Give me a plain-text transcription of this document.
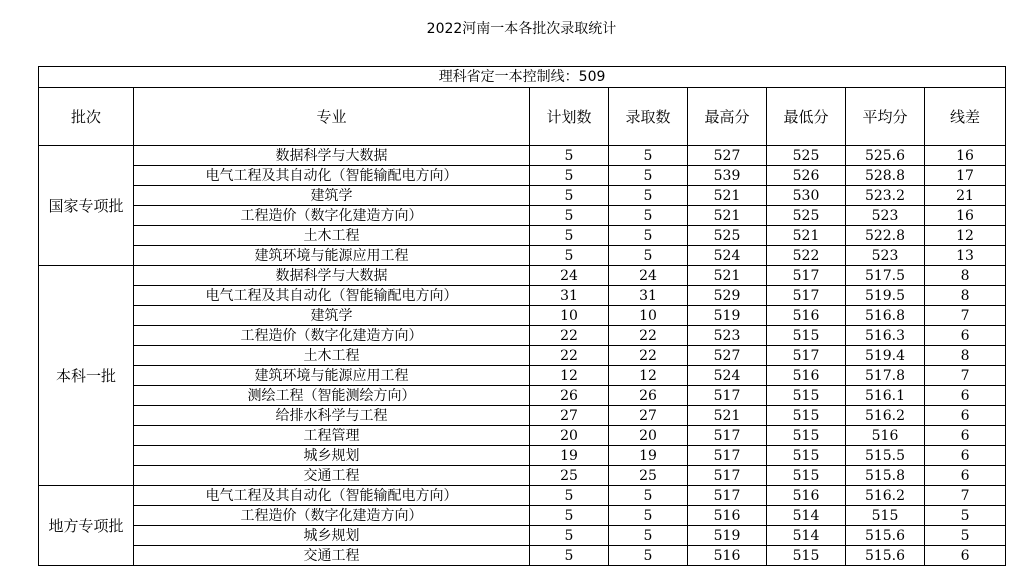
2022河南一本各批次录取统计
理科省定一本控制线：509							
批次	专业	计划数	录取数	最高分	最低分	平均分	线差
国家专项批	数据科学与大数据	5	5	527	525	525.6	16
	电气工程及其自动化（智能输配电方向）	5	5	539	526	528.8	17
	建筑学	5	5	521	530	523.2	21
	工程造价（数字化建造方向）	5	5	521	525	523	16
	土木工程	5	5	525	521	522.8	12
	建筑环境与能源应用工程	5	5	524	522	523	13
本科一批	数据科学与大数据	24	24	521	517	517.5	8
	电气工程及其自动化（智能输配电方向）	31	31	529	517	519.5	8
	建筑学	10	10	519	516	516.8	7
	工程造价（数字化建造方向）	22	22	523	515	516.3	6
	土木工程	22	22	527	517	519.4	8
	建筑环境与能源应用工程	12	12	524	516	517.8	7
	测绘工程（智能测绘方向）	26	26	517	515	516.1	6
	给排水科学与工程	27	27	521	515	516.2	6
	工程管理	20	20	517	515	516	6
	城乡规划	19	19	517	515	515.5	6
	交通工程	25	25	517	515	515.8	6
地方专项批	电气工程及其自动化（智能输配电方向）	5	5	517	516	516.2	7
	工程造价（数字化建造方向）	5	5	516	514	515	5
	城乡规划	5	5	519	514	515.6	5
	交通工程	5	5	516	515	515.6	6
